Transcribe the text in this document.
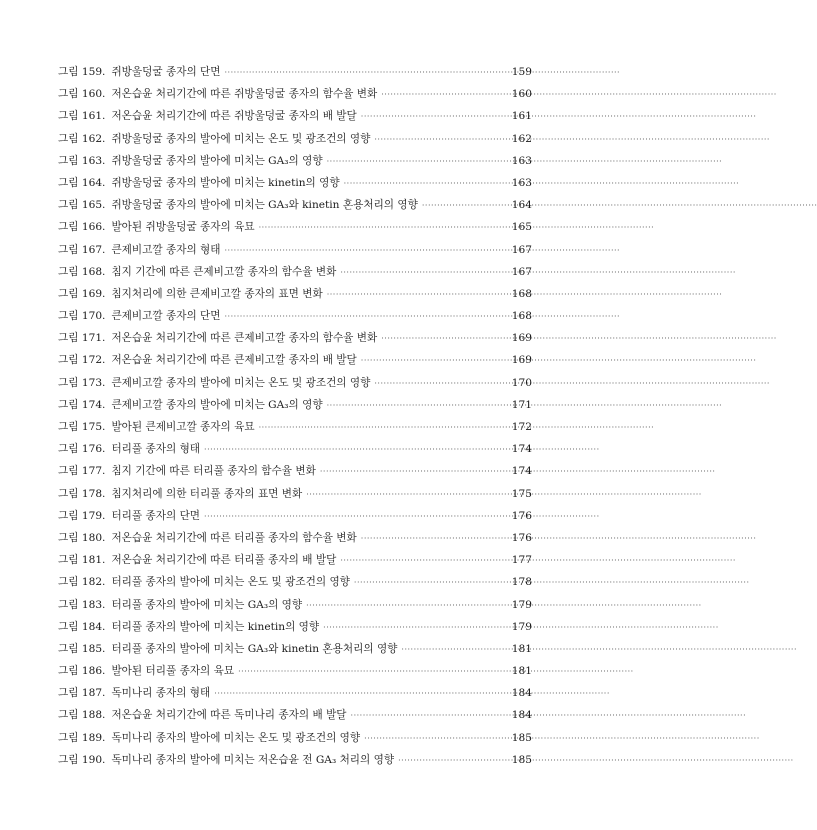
그림 159. 쥐방울덩굴 종자의 단면 ·····	159
그림 160. 저온습윤 처리기간에 따른 쥐방울덩굴 종자의 함수율 변화 ·····	160
그림 161. 저온습윤 처리기간에 따른 쥐방울덩굴 종자의 배 발달 ·····	161
그림 162. 쥐방울덩굴 종자의 발아에 미치는 온도 및 광조건의 영향 ·····	162
그림 163. 쥐방울덩굴 종자의 발아에 미치는 GA₃의 영향 ·····	163
그림 164. 쥐방울덩굴 종자의 발아에 미치는 kinetin의 영향 ·····	163
그림 165. 쥐방울덩굴 종자의 발아에 미치는 GA₃와 kinetin 혼용처리의 영향 ·····	164
그림 166. 발아된 쥐방울덩굴 종자의 육묘 ·····	165
그림 167. 큰제비고깔 종자의 형태 ·····	167
그림 168. 침지 기간에 따른 큰제비고깔 종자의 함수율 변화 ·····	167
그림 169. 침지처리에 의한 큰제비고깔 종자의 표면 변화 ·····	168
그림 170. 큰제비고깔 종자의 단면 ·····	168
그림 171. 저온습윤 처리기간에 따른 큰제비고깔 종자의 함수율 변화 ·····	169
그림 172. 저온습윤 처리기간에 따른 큰제비고깔 종자의 배 발달 ·····	169
그림 173. 큰제비고깔 종자의 발아에 미치는 온도 및 광조건의 영향 ·····	170
그림 174. 큰제비고깔 종자의 발아에 미치는 GA₃의 영향 ·····	171
그림 175. 발아된 큰제비고깔 종자의 육묘 ·····	172
그림 176. 터리풀 종자의 형태 ·····	174
그림 177. 침지 기간에 따른 터리풀 종자의 함수율 변화 ·····	174
그림 178. 침지처리에 의한 터리풀 종자의 표면 변화 ·····	175
그림 179. 터리풀 종자의 단면 ·····	176
그림 180. 저온습윤 처리기간에 따른 터리풀 종자의 함수율 변화 ·····	176
그림 181. 저온습윤 처리기간에 따른 터리풀 종자의 배 발달 ·····	177
그림 182. 터리풀 종자의 발아에 미치는 온도 및 광조건의 영향 ·····	178
그림 183. 터리풀 종자의 발아에 미치는 GA₃의 영향 ·····	179
그림 184. 터리풀 종자의 발아에 미치는 kinetin의 영향 ·····	179
그림 185. 터리풀 종자의 발아에 미치는 GA₃와 kinetin 혼용처리의 영향 ·····	181
그림 186. 발아된 터리풀 종자의 육묘 ·····	181
그림 187. 독미나리 종자의 형태 ·····	184
그림 188. 저온습윤 처리기간에 따른 독미나리 종자의 배 발달 ·····	184
그림 189. 독미나리 종자의 발아에 미치는 온도 및 광조건의 영향 ·····	185
그림 190. 독미나리 종자의 발아에 미치는 저온습윤 전 GA₃ 처리의 영향 ·····	185
